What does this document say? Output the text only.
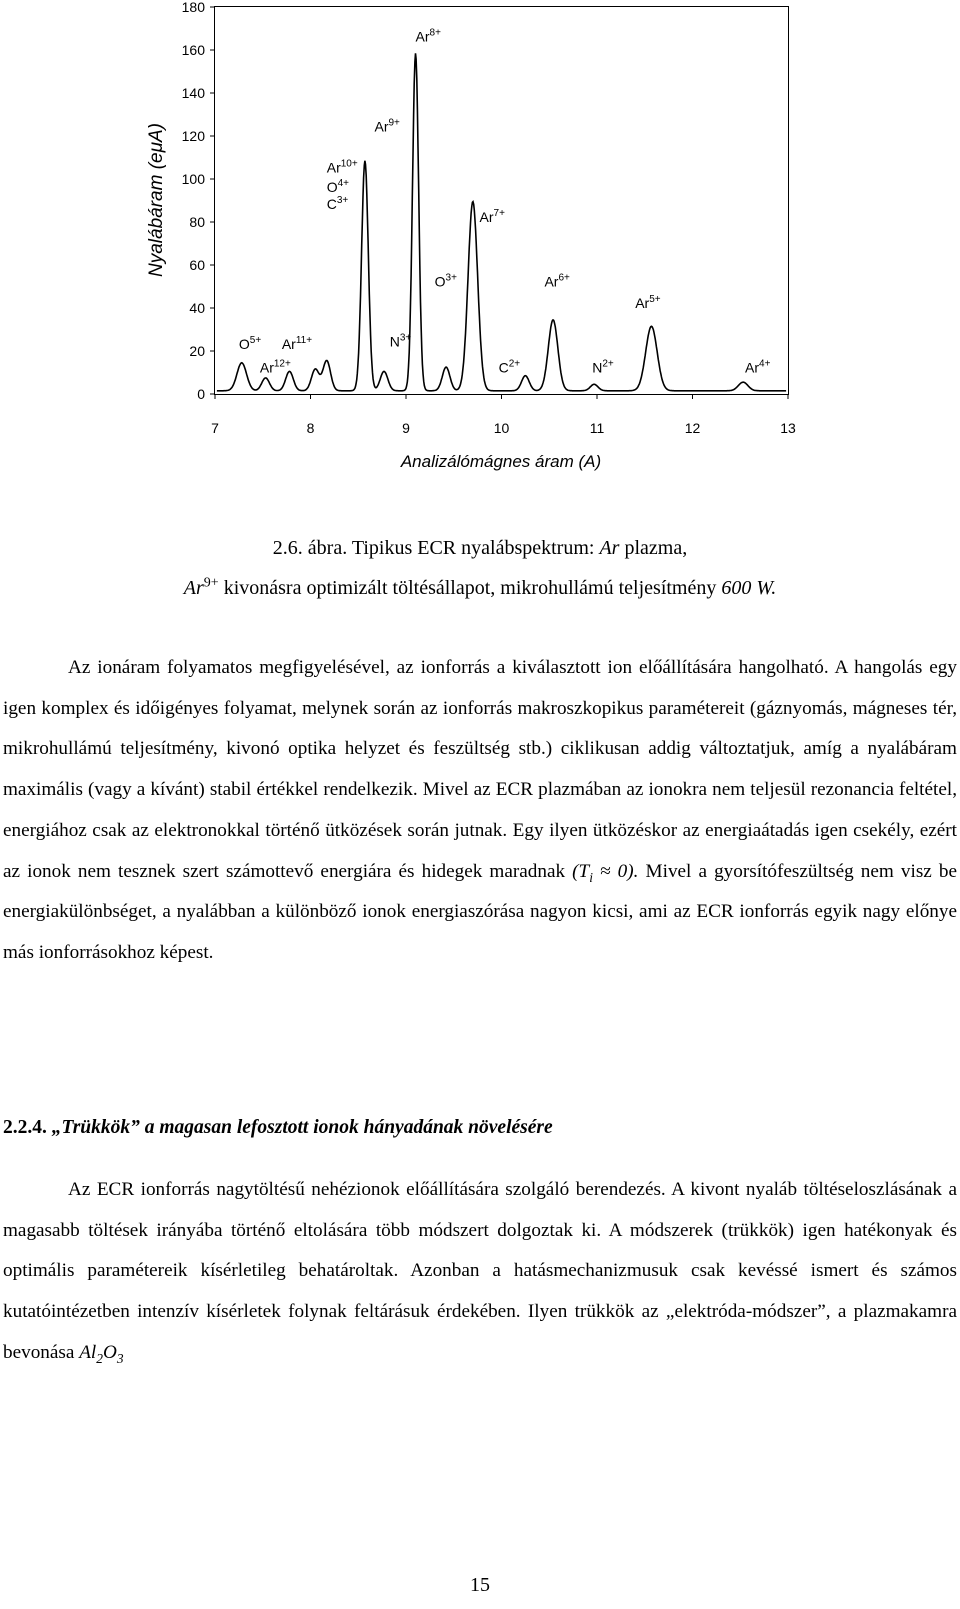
0
20
40
60
80
100
120
140
160
180
7	8	9	10	11	12	13
$O^{5+}$
$Ar^{12+}$
$Ar^{11+}$
$Ar^{10+}$
$O^{4+}$
$C^{3+}$
$N^{3+}$
$Ar^{9+}$
$Ar^{8+}$
$O^{3+}$
$Ar^{7+}$
$C^{2+}$
$Ar^{6+}$
$N^{2+}$
$Ar^{5+}$
$Ar^{4+}$
Nyalábáram (eμA)
Analizálómágnes áram (A)
2.6. ábra. Tipikus ECR nyalábspektrum: Ar plazma,
$Ar^{9+}$ kivonásra optimizált töltésállapot, mikrohullámú teljesítmény 600 W.

Az ionáram folyamatos megfigyelésével, az ionforrás a kiválasztott ion előállítására hangolható. A hangolás egy igen komplex és időigényes folyamat, melynek során az ionforrás makroszkopikus paramétereit (gáznyomás, mágneses tér, mikrohullámú teljesítmény, kivonó optika helyzet és feszültség stb.) ciklikusan addig változtatjuk, amíg a nyalábáram maximális (vagy a kívánt) stabil értékkel rendelkezik. Mivel az ECR plazmában az ionokra nem teljesül rezonancia feltétel, energiához csak az elektronokkal történő ütközések során jutnak. Egy ilyen ütközéskor az energiaátadás igen csekély, ezért az ionok nem tesznek szert számottevő energiára és hidegek maradnak $(T_i \approx 0)$. Mivel a gyorsítófeszültség nem visz be energiakülönbséget, a nyalábban a különböző ionok energiaszórása nagyon kicsi, ami az ECR ionforrás egyik nagy előnye más ionforrásokhoz képest.

2.2.4. „Trükkök” a magasan lefosztott ionok hányadának növelésére

Az ECR ionforrás nagytöltésű nehézionok előállítására szolgáló berendezés. A kivont nyaláb töltéseloszlásának a magasabb töltések irányába történő eltolására több módszert dolgoztak ki. A módszerek (trükkök) igen hatékonyak és optimális paramétereik kísérletileg behatároltak. Azonban a hatásmechanizmusuk csak kevéssé ismert és számos kutatóintézetben intenzív kísérletek folynak feltárásuk érdekében. Ilyen trükkök az „elektróda-módszer”, a plazmakamra bevonása $Al_2O_3$

15
